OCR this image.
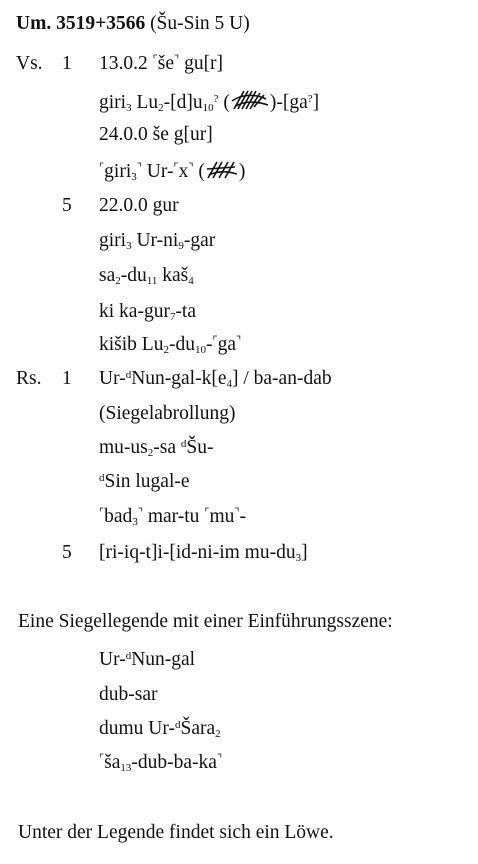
Um. 3519+3566 (Šu-Sin 5 U)
Vs. 1
5
Rs. 1
5
13.0.2 ⌜še⌝ gu[r]
giri$_3$ $Lu_2-[d]u_{10}^?$ ( )-[ga?]
24.0.0 še g[ur]
⌜giri$_3$⌝ Ur-⌜x⌝ ( )
22.0.0 gur
giri$_3$ $Ur-ni_9$-gar
$sa_2-du_{11}$ kaš$_4$
ki ka-gur$_7$-ta
kišib $Lu_2-du_{10}-^⌜ga^⌝$
$Ur-^dNun-gal-k[e_4] / ba-an-dab$
(Siegelabrollung)
$mu-us_2-sa$ $^d$Šu-
$^d$Sin lugal-e
⌜bad$_3$⌝ mar-tu ⌜mu⌝-
[ri-iq-t]i-[id-ni-im $mu-du_3$]
Eine Siegellegende mit einer Einführungsszene:
Ur-$^d$Nun-gal
dub-sar
dumu Ur-$^d$Šara$_2$
$^⌜ša_{13}-dub-ba-ka^⌝$
Unter der Legende findet sich ein Löwe.
